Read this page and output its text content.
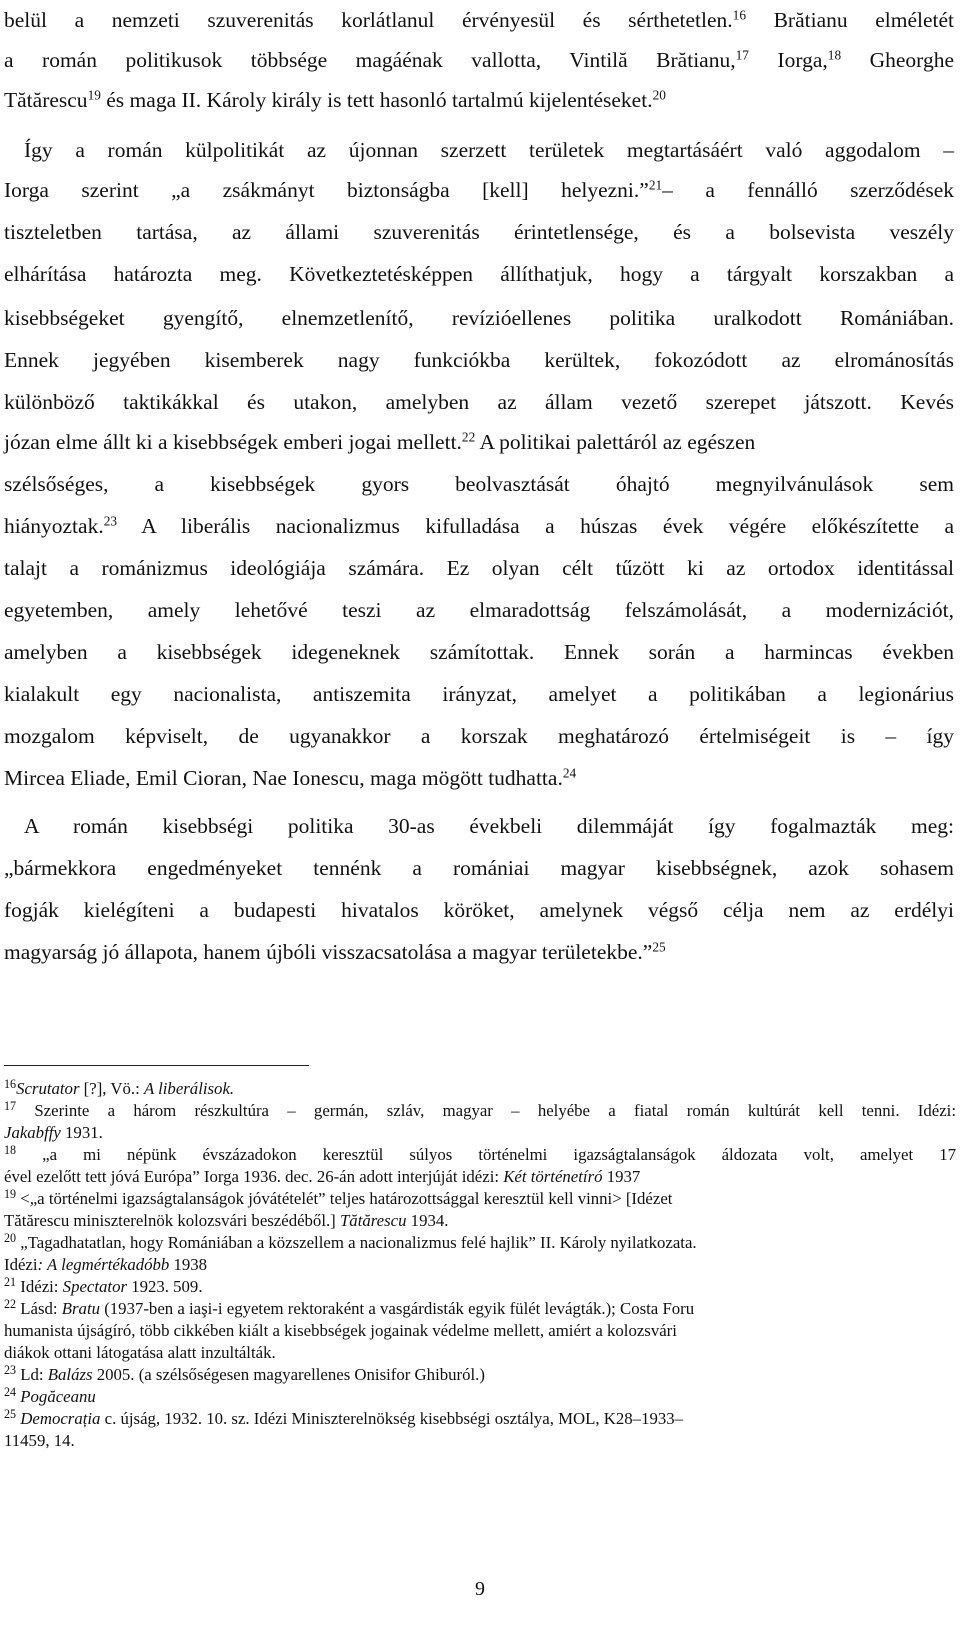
belül a nemzeti szuverenitás korlátlanul érvényesül és sérthetetlen.$^{16}$ Brătianu elméletét
a román politikusok többsége magáénak vallotta, Vintilă Brătianu,$^{17}$ Iorga,$^{18}$ Gheorghe
Tătărescu$^{19}$ és maga II. Károly király is tett hasonló tartalmú kijelentéseket.$^{20}$
Így a román külpolitikát az újonnan szerzett területek megtartásáért való aggodalom –
Iorga szerint „a zsákmányt biztonságba [kell] helyezni.”$^{21}$– a fennálló szerződések
tiszteletben tartása, az állami szuverenitás érintetlensége, és a bolsevista veszély
elhárítása határozta meg. Következtetésképpen állíthatjuk, hogy a tárgyalt korszakban a
kisebbségeket gyengítő, elnemzetlenítő, revízióellenes politika uralkodott Romániában.
Ennek jegyében kisemberek nagy funkciókba kerültek, fokozódott az elrománosítás
különböző taktikákkal és utakon, amelyben az állam vezető szerepet játszott. Kevés
józan elme állt ki a kisebbségek emberi jogai mellett.$^{22}$ A politikai palettáról az egészen
szélsőséges, a kisebbségek gyors beolvasztását óhajtó megnyilvánulások sem
hiányoztak.$^{23}$ A liberális nacionalizmus kifulladása a húszas évek végére előkészítette a
talajt a románizmus ideológiája számára. Ez olyan célt tűzött ki az ortodox identitással
egyetemben, amely lehetővé teszi az elmaradottság felszámolását, a modernizációt,
amelyben a kisebbségek idegeneknek számítottak. Ennek során a harmincas években
kialakult egy nacionalista, antiszemita irányzat, amelyet a politikában a legionárius
mozgalom képviselt, de ugyanakkor a korszak meghatározó értelmiségeit is – így
Mircea Eliade, Emil Cioran, Nae Ionescu, maga mögött tudhatta.$^{24}$
A román kisebbségi politika 30-as évekbeli dilemmáját így fogalmazták meg:
„bármekkora engedményeket tennénk a romániai magyar kisebbségnek, azok sohasem
fogják kielégíteni a budapesti hivatalos köröket, amelynek végső célja nem az erdélyi
magyarság jó állapota, hanem újbóli visszacsatolása a magyar területekbe.”$^{25}$
$^{16}$Scrutator [?], Vö.: A liberálisok.
$^{17}$ Szerinte a három részkultúra – germán, szláv, magyar – helyébe a fiatal román kultúrát kell tenni. Idézi:
Jakabffy 1931.
$^{18}$ „a mi népünk évszázadokon keresztül súlyos történelmi igazságtalanságok áldozata volt, amelyet 17
ével ezelőtt tett jóvá Európa” Iorga 1936. dec. 26-án adott interjúját idézi: Két történetíró 1937
$^{19}$ <„a történelmi igazságtalanságok jóvátételét” teljes határozottsággal keresztül kell vinni> [Idézet
Tătărescu miniszterelnök kolozsvári beszédéből.] Tătărescu 1934.
$^{20}$ „Tagadhatatlan, hogy Romániában a közszellem a nacionalizmus felé hajlik” II. Károly nyilatkozata.
Idézi: A legmértékadóbb 1938
$^{21}$ Idézi: Spectator 1923. 509.
$^{22}$ Lásd: Bratu (1937-ben a iaşi-i egyetem rektoraként a vasgárdisták egyik fülét levágták.); Costa Foru
humanista újságíró, több cikkében kiált a kisebbségek jogainak védelme mellett, amiért a kolozsvári
diákok ottani látogatása alatt inzultálták.
$^{23}$ Ld: Balázs 2005. (a szélsőségesen magyarellenes Onisifor Ghiburól.)
$^{24}$ Pogăceanu
$^{25}$ Democrația c. újság, 1932. 10. sz. Idézi Miniszterelnökség kisebbségi osztálya, MOL, K28–1933–
11459, 14.
9
